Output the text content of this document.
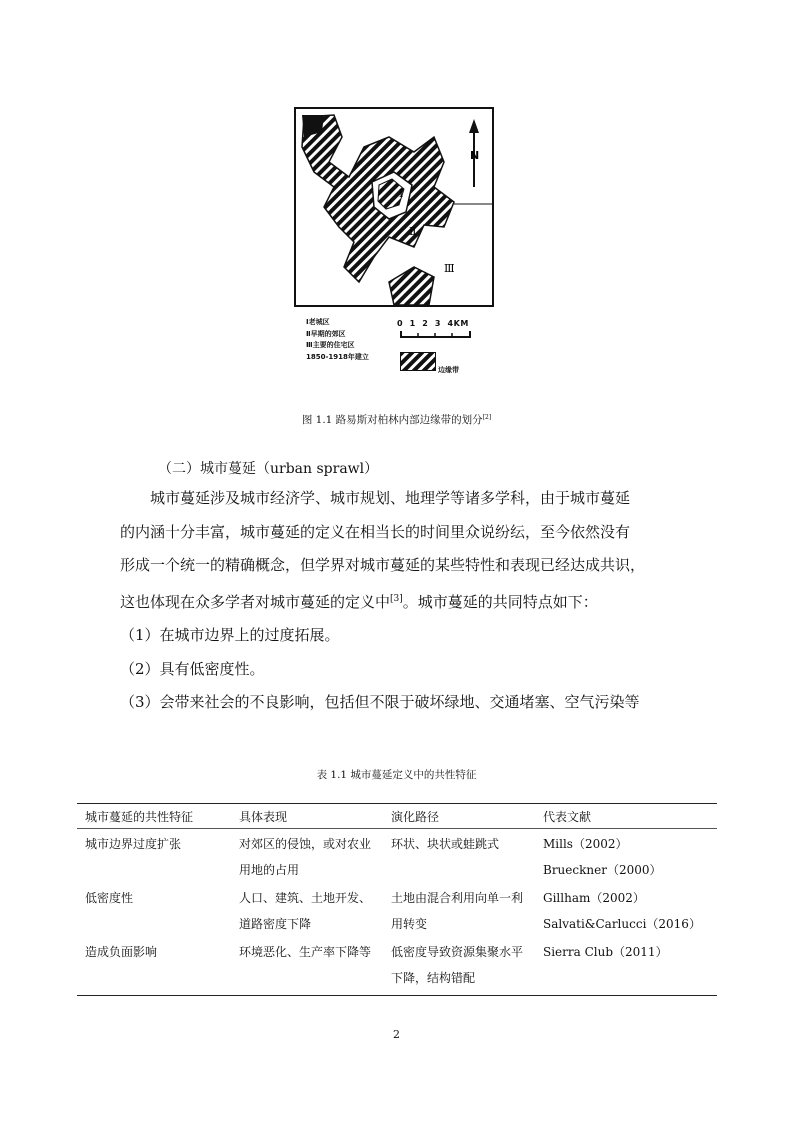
N
Ⅰ
Ⅱ
Ⅲ
Ⅰ老城区
Ⅱ早期的郊区
Ⅲ主要的住宅区
1850-1918年建立
0  1  2  3  4KM
边缘带
图 1.1 路易斯对柏林内部边缘带的划分[2]
（二）城市蔓延（urban sprawl）

城市蔓延涉及城市经济学、城市规划、地理学等诸多学科，由于城市蔓延

的内涵十分丰富，城市蔓延的定义在相当长的时间里众说纷纭，至今依然没有

形成一个统一的精确概念，但学界对城市蔓延的某些特性和表现已经达成共识，

这也体现在众多学者对城市蔓延的定义中[3]。城市蔓延的共同特点如下：

（1）在城市边界上的过度拓展。

（2）具有低密度性。

（3）会带来社会的不良影响，包括但不限于破坏绿地、交通堵塞、空气污染等

表 1.1 城市蔓延定义中的共性特征
城市蔓延的共性特征	具体表现	演化路径	代表文献
城市边界过度扩张	对郊区的侵蚀，或对农业用地的占用	环状、块状或蛙跳式	Mills（2002）
Brueckner（2000）

低密度性	人口、建筑、土地开发、道路密度下降	土地由混合利用向单一利用转变	Gillham（2002）
Salvati&Carlucci（2016）

造成负面影响	环境恶化、生产率下降等	低密度导致资源集聚水平下降，结构错配	Sierra Club（2011）
2
